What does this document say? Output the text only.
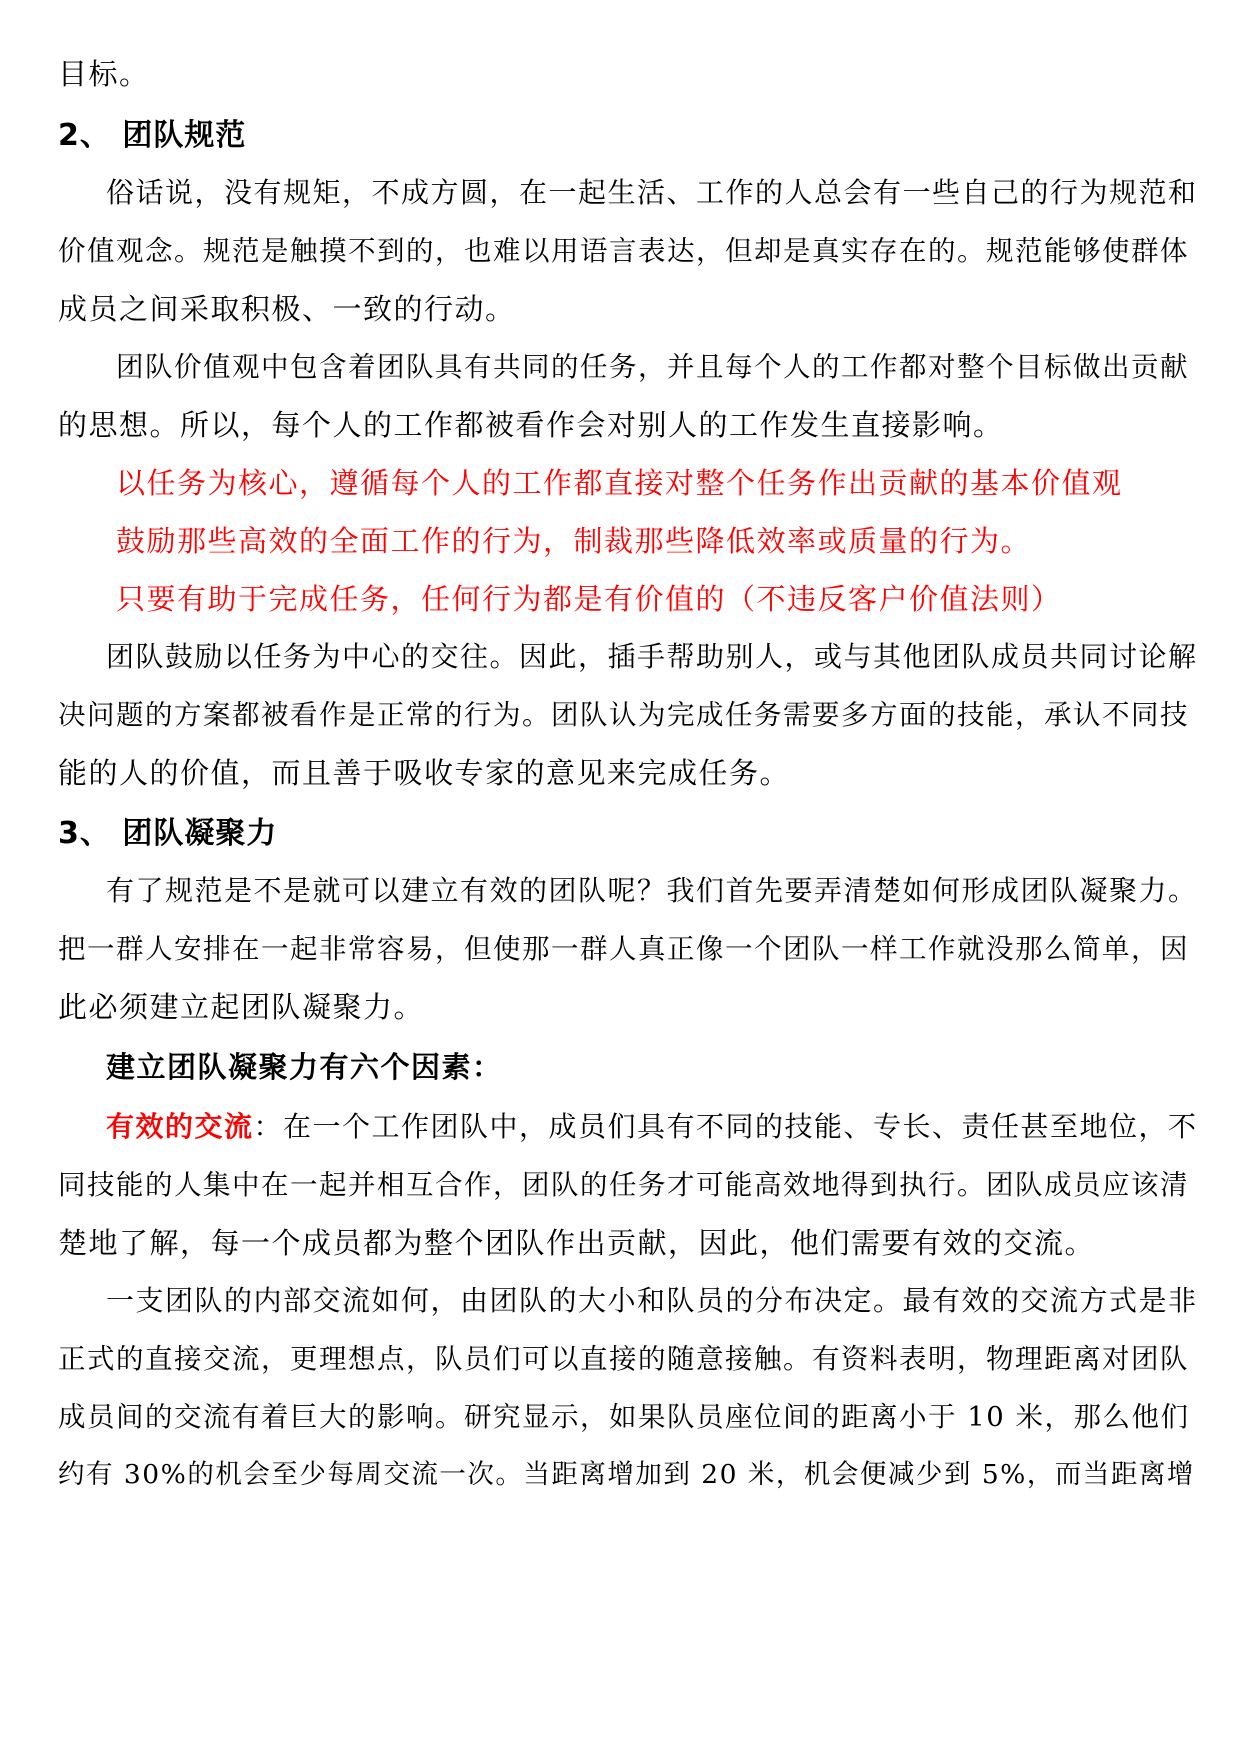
目标。
2、 团队规范
俗话说，没有规矩，不成方圆，在一起生活、工作的人总会有一些自己的行为规范和
价值观念。规范是触摸不到的，也难以用语言表达，但却是真实存在的。规范能够使群体
成员之间采取积极、一致的行动。
团队价值观中包含着团队具有共同的任务，并且每个人的工作都对整个目标做出贡献
的思想。所以，每个人的工作都被看作会对别人的工作发生直接影响。
以任务为核心，遵循每个人的工作都直接对整个任务作出贡献的基本价值观
鼓励那些高效的全面工作的行为，制裁那些降低效率或质量的行为。
只要有助于完成任务，任何行为都是有价值的（不违反客户价值法则）
团队鼓励以任务为中心的交往。因此，插手帮助别人，或与其他团队成员共同讨论解
决问题的方案都被看作是正常的行为。团队认为完成任务需要多方面的技能，承认不同技
能的人的价值，而且善于吸收专家的意见来完成任务。
3、 团队凝聚力
有了规范是不是就可以建立有效的团队呢？我们首先要弄清楚如何形成团队凝聚力。
把一群人安排在一起非常容易，但使那一群人真正像一个团队一样工作就没那么简单，因
此必须建立起团队凝聚力。
建立团队凝聚力有六个因素：
有效的交流：在一个工作团队中，成员们具有不同的技能、专长、责任甚至地位，不
同技能的人集中在一起并相互合作，团队的任务才可能高效地得到执行。团队成员应该清
楚地了解，每一个成员都为整个团队作出贡献，因此，他们需要有效的交流。
一支团队的内部交流如何，由团队的大小和队员的分布决定。最有效的交流方式是非
正式的直接交流，更理想点，队员们可以直接的随意接触。有资料表明，物理距离对团队
成员间的交流有着巨大的影响。研究显示，如果队员座位间的距离小于 10 米，那么他们
约有 30%的机会至少每周交流一次。当距离增加到 20 米，机会便减少到 5%，而当距离增
